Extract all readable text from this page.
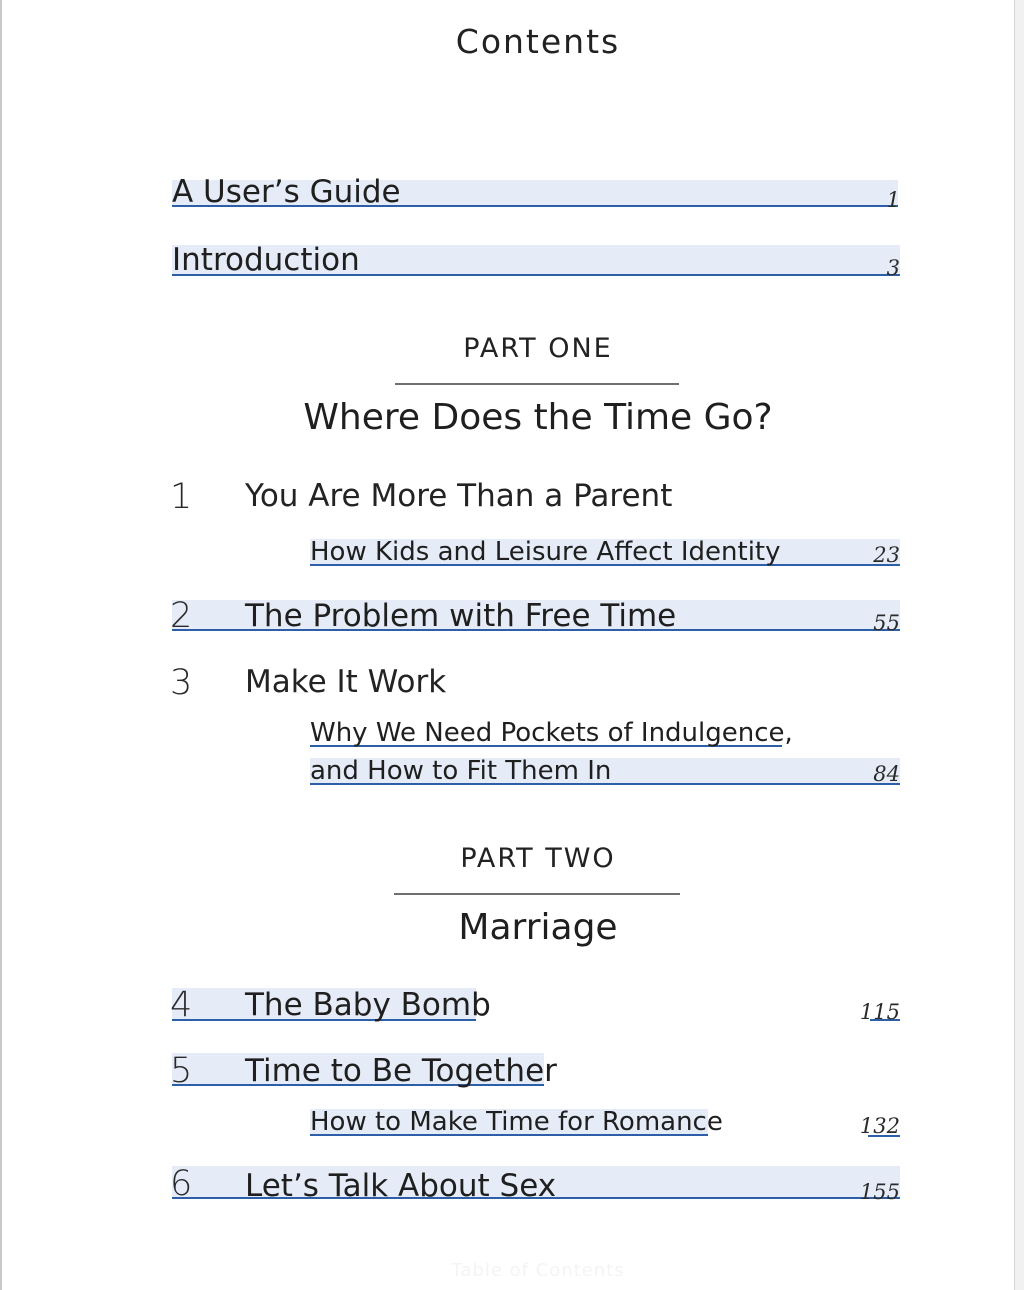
Contents
A User’s Guide	1
Introduction	3
PART ONE
Where Does the Time Go?
1 You Are More Than a Parent
How Kids and Leisure Affect Identity	23
2 The Problem with Free Time	55
3 Make It Work
Why We Need Pockets of Indulgence,
and How to Fit Them In	84
PART TWO
Marriage
4 The Baby Bomb	115
5 Time to Be Together
How to Make Time for Romance	132
6 Let’s Talk About Sex	155
Table of Contents
